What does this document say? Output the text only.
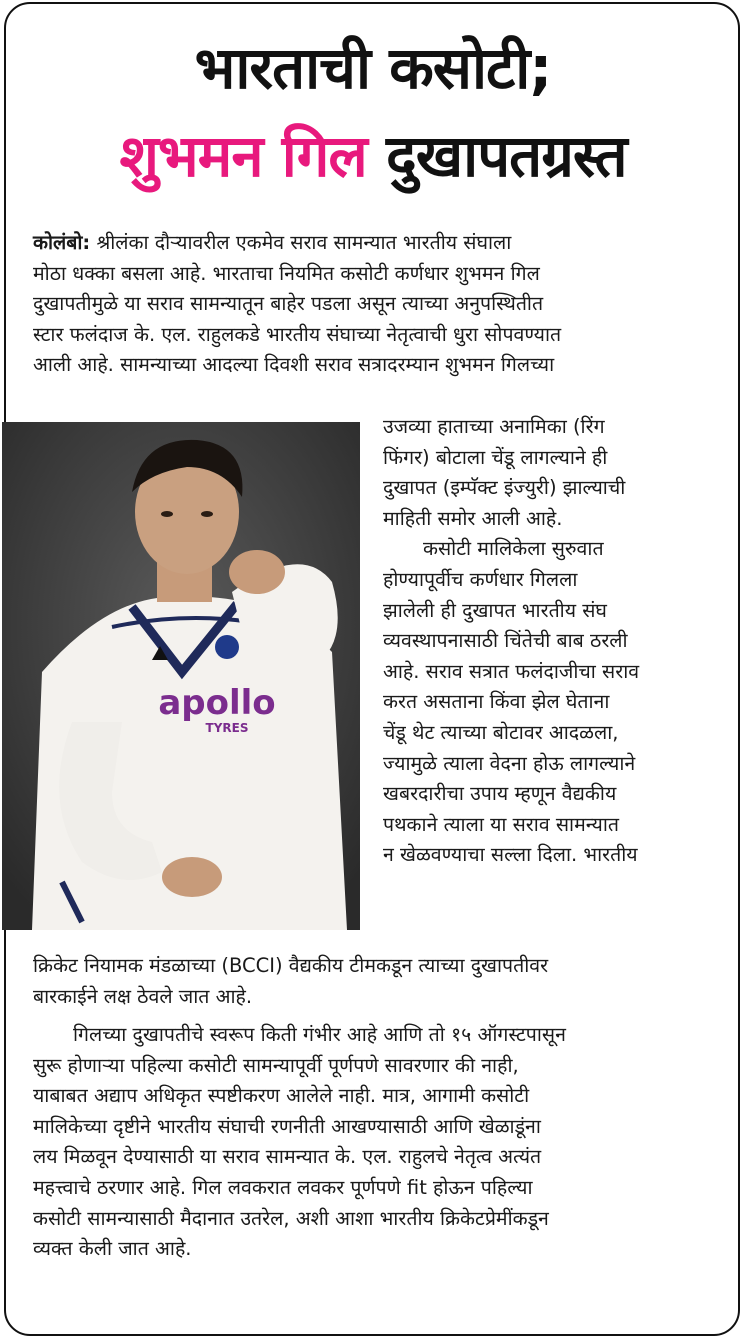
भारताची कसोटी;
शुभमन गिल दुखापतग्रस्त
कोलंबो: श्रीलंका दौऱ्यावरील एकमेव सराव सामन्यात भारतीय संघाला
मोठा धक्का बसला आहे. भारताचा नियमित कसोटी कर्णधार शुभमन गिल
दुखापतीमुळे या सराव सामन्यातून बाहेर पडला असून त्याच्या अनुपस्थितीत
स्टार फलंदाज के. एल. राहुलकडे भारतीय संघाच्या नेतृत्वाची धुरा सोपवण्यात
आली आहे. सामन्याच्या आदल्या दिवशी सराव सत्रादरम्यान शुभमन गिलच्या
apollo
TYRES
उजव्या हाताच्या अनामिका (रिंग
फिंगर) बोटाला चेंडू लागल्याने ही
दुखापत (इम्पॅक्ट इंज्युरी) झाल्याची
माहिती समोर आली आहे.
कसोटी मालिकेला सुरुवात
होण्यापूर्वीच कर्णधार गिलला
झालेली ही दुखापत भारतीय संघ
व्यवस्थापनासाठी चिंतेची बाब ठरली
आहे. सराव सत्रात फलंदाजीचा सराव
करत असताना किंवा झेल घेताना
चेंडू थेट त्याच्या बोटावर आदळला,
ज्यामुळे त्याला वेदना होऊ लागल्याने
खबरदारीचा उपाय म्हणून वैद्यकीय
पथकाने त्याला या सराव सामन्यात
न खेळवण्याचा सल्ला दिला. भारतीय
क्रिकेट नियामक मंडळाच्या (BCCI) वैद्यकीय टीमकडून त्याच्या दुखापतीवर
बारकाईने लक्ष ठेवले जात आहे.
गिलच्या दुखापतीचे स्वरूप किती गंभीर आहे आणि तो १५ ऑगस्टपासून
सुरू होणाऱ्या पहिल्या कसोटी सामन्यापूर्वी पूर्णपणे सावरणार की नाही,
याबाबत अद्याप अधिकृत स्पष्टीकरण आलेले नाही. मात्र, आगामी कसोटी
मालिकेच्या दृष्टीने भारतीय संघाची रणनीती आखण्यासाठी आणि खेळाडूंना
लय मिळवून देण्यासाठी या सराव सामन्यात के. एल. राहुलचे नेतृत्व अत्यंत
महत्त्वाचे ठरणार आहे. गिल लवकरात लवकर पूर्णपणे fit होऊन पहिल्या
कसोटी सामन्यासाठी मैदानात उतरेल, अशी आशा भारतीय क्रिकेटप्रेमींकडून
व्यक्त केली जात आहे.
